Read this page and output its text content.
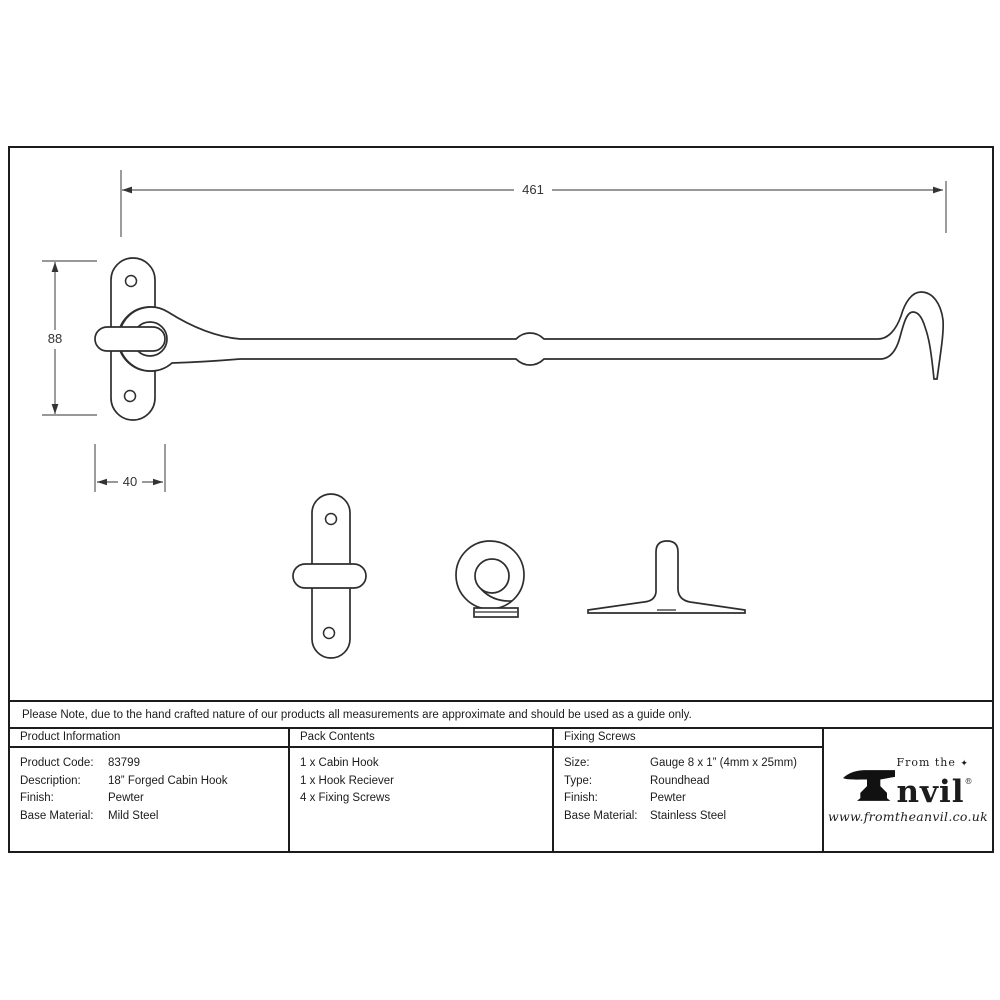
Please Note, due to the hand crafted nature of our products all measurements are approximate and should be used as a guide only.
Product Information	Pack Contents	Fixing Screws
From the ✦
nvil®
www.fromtheanvil.co.uk
Product Code:	83799
Description:	18” Forged Cabin Hook
Finish:	Pewter
Base Material:	Mild Steel
1 x Cabin Hook
1 x Hook Reciever
4 x Fixing Screws
Size:	Gauge 8 x 1” (4mm x 25mm)
Type:	Roundhead
Finish:	Pewter
Base Material:	Stainless Steel
461
88
40
